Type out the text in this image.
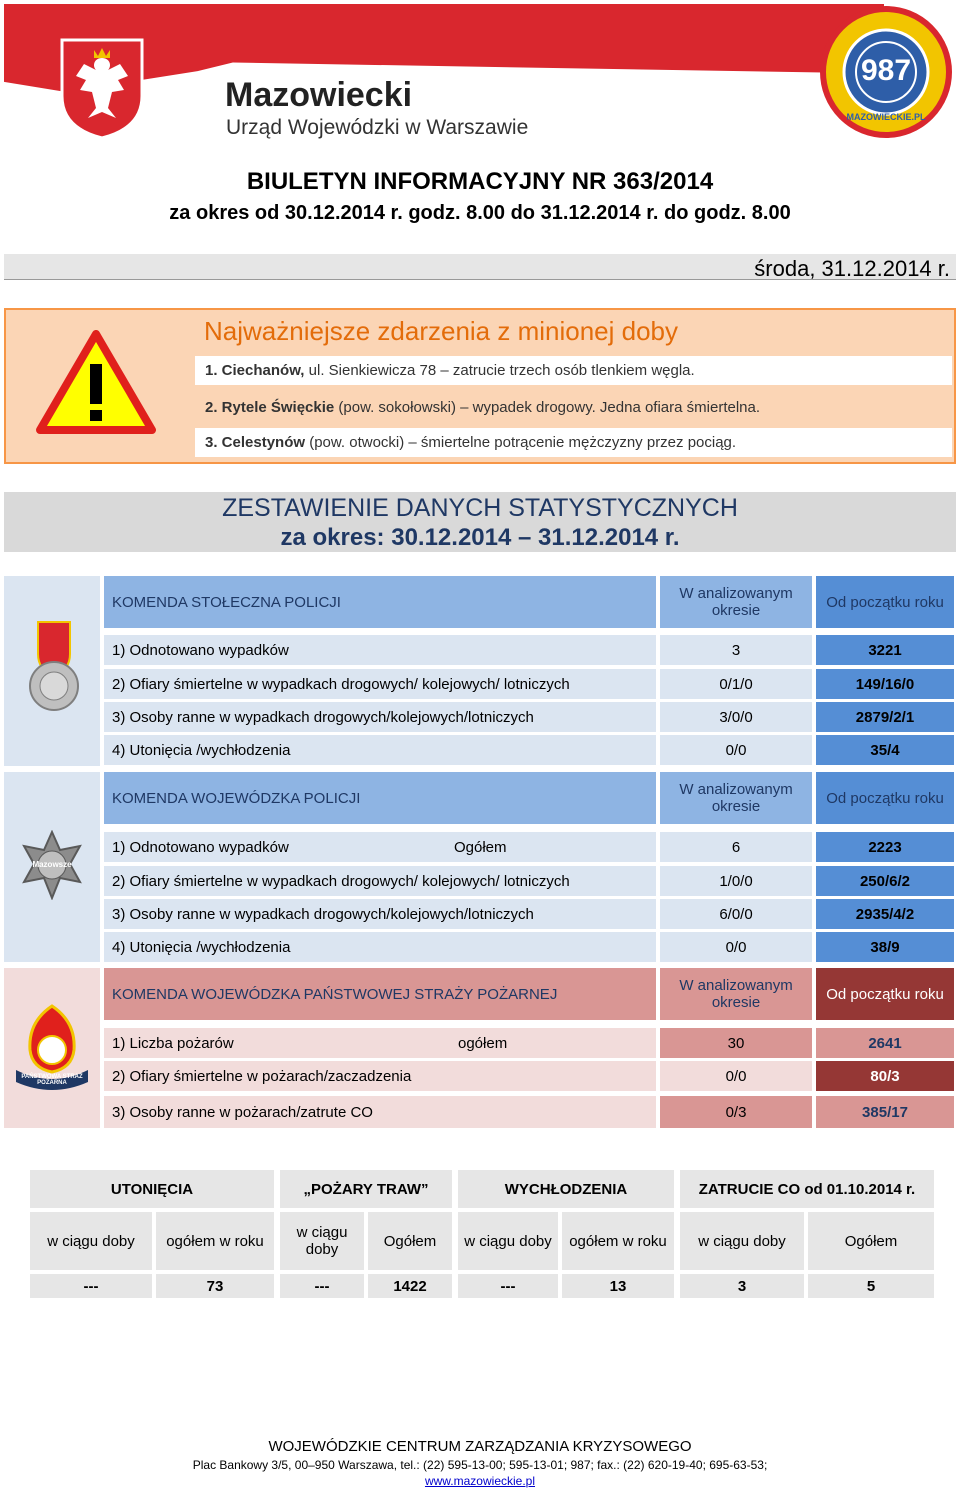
Mazowiecki
Urząd Wojewódzki w Warszawie
987
MAZOWIECKIE.PL
BIULETYN INFORMACYJNY NR 363/2014
za okres od 30.12.2014 r. godz. 8.00 do 31.12.2014 r. do godz. 8.00
środa, 31.12.2014 r.
Najważniejsze zdarzenia z minionej doby
1. Ciechanów, ul. Sienkiewicza 78 – zatrucie trzech osób tlenkiem węgla.
2. Rytele Święckie (pow. sokołowski) – wypadek drogowy. Jedna ofiara śmiertelna.
3. Celestynów (pow. otwocki) – śmiertelne potrącenie mężczyzny przez pociąg.
ZESTAWIENIE DANYCH STATYSTYCZNYCH
za okres: 30.12.2014 – 31.12.2014 r.
KOMENDA STOŁECZNA POLICJI	W analizowanym okresie	Od początku roku
1) Odnotowano wypadków	3	3221
2) Ofiary śmiertelne w wypadkach drogowych/ kolejowych/ lotniczych	0/1/0	149/16/0
3) Osoby ranne w wypadkach drogowych/kolejowych/lotniczych	3/0/0	2879/2/1
4) Utonięcia /wychłodzenia	0/0	35/4
Mazowsze
KOMENDA WOJEWÓDZKA POLICJI	W analizowanym okresie	Od początku roku
1) Odnotowano wypadków	Ogółem	6	2223
2) Ofiary śmiertelne w wypadkach drogowych/ kolejowych/ lotniczych	1/0/0	250/6/2
3) Osoby ranne w wypadkach drogowych/kolejowych/lotniczych	6/0/0	2935/4/2
4) Utonięcia /wychłodzenia	0/0	38/9
PAŃSTWOWA STRAŻ POŻARNA
KOMENDA WOJEWÓDZKA PAŃSTWOWEJ STRAŻY POŻARNEJ	W analizowanym okresie	Od początku roku
1) Liczba pożarów	ogółem	30	2641
2) Ofiary śmiertelne w pożarach/zaczadzenia	0/0	80/3
3) Osoby ranne w pożarach/zatrute CO	0/3	385/17
UTONIĘCIA	„POŻARY TRAW”	WYCHŁODZENIA	ZATRUCIE CO od 01.10.2014 r.
w ciągu doby	ogółem w roku	w ciągu doby	Ogółem	w ciągu doby	ogółem w roku	w ciągu doby	Ogółem
---	73	---	1422	---	13	3	5
WOJEWÓDZKIE CENTRUM ZARZĄDZANIA KRYZYSOWEGO
Plac Bankowy 3/5, 00–950 Warszawa, tel.: (22) 595-13-00; 595-13-01; 987; fax.: (22) 620-19-40; 695-63-53;
www.mazowieckie.pl
